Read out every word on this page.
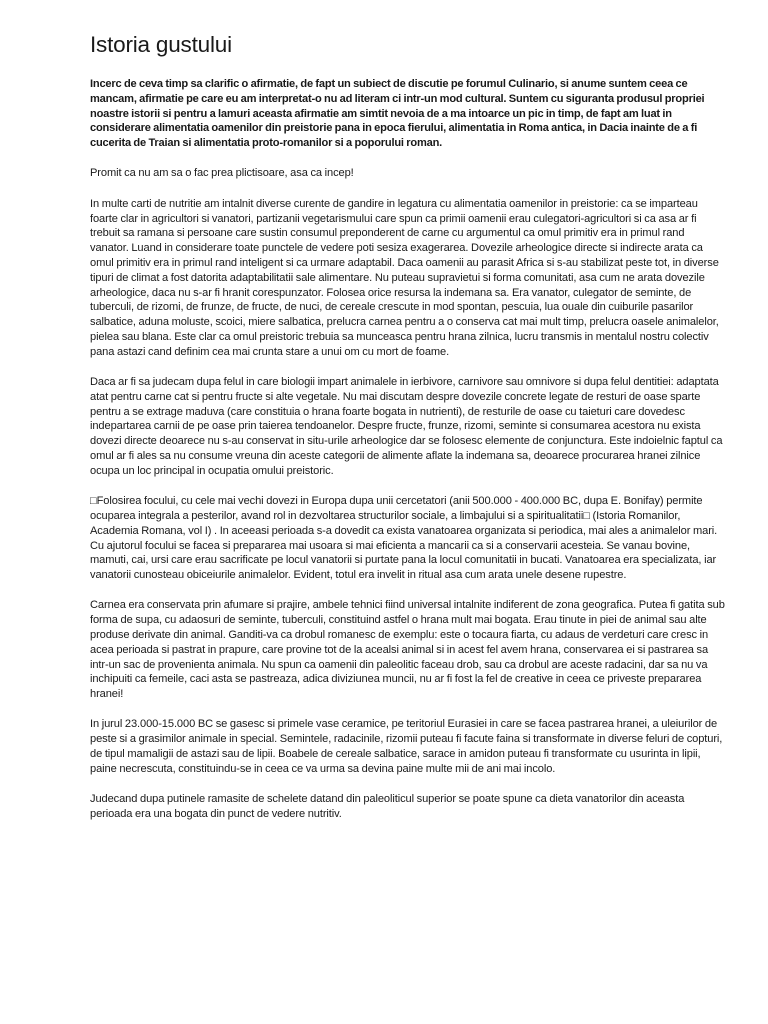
Istoria gustului

Incerc de ceva timp sa clarific o afirmatie, de fapt un subiect de discutie pe forumul Culinario, si anume suntem ceea ce mancam, afirmatie pe care eu am interpretat-o nu ad literam ci intr-un mod cultural. Suntem cu siguranta produsul propriei noastre istorii si pentru a lamuri aceasta afirmatie am simtit nevoia de a ma intoarce un pic in timp, de fapt am luat in considerare alimentatia oamenilor din preistorie pana in epoca fierului, alimentatia in Roma antica, in Dacia inainte de a fi cucerita de Traian si alimentatia proto-romanilor si a poporului roman.

Promit ca nu am sa o fac prea plictisoare, asa ca incep!

In multe carti de nutritie am intalnit diverse curente de gandire in legatura cu alimentatia oamenilor in preistorie: ca se imparteau foarte clar in agricultori si vanatori, partizanii vegetarismului care spun ca primii oamenii erau culegatori-agricultori si ca asa ar fi trebuit sa ramana si persoane care sustin consumul preponderent de carne cu argumentul ca omul primitiv era in primul rand vanator. Luand in considerare toate punctele de vedere poti sesiza exagerarea. Dovezile arheologice directe si indirecte arata ca omul primitiv era in primul rand inteligent si ca urmare adaptabil. Daca oamenii au parasit Africa si s-au stabilizat peste tot, in diverse tipuri de climat a fost datorita adaptabilitatii sale alimentare. Nu puteau supravietui si forma comunitati, asa cum ne arata dovezile arheologice, daca nu s-ar fi hranit corespunzator. Folosea orice resursa la indemana sa. Era vanator, culegator de seminte, de tuberculi, de rizomi, de frunze, de fructe, de nuci, de cereale crescute in mod spontan, pescuia, lua ouale din cuiburile pasarilor salbatice, aduna moluste, scoici, miere salbatica, prelucra carnea pentru a o conserva cat mai mult timp, prelucra oasele animalelor, pielea sau blana. Este clar ca omul preistoric trebuia sa munceasca pentru hrana zilnica, lucru transmis in mentalul nostru colectiv pana astazi cand definim cea mai crunta stare a unui om cu mort de foame.

Daca ar fi sa judecam dupa felul in care biologii impart animalele in ierbivore, carnivore sau omnivore si dupa felul dentitiei: adaptata atat pentru carne cat si pentru fructe si alte vegetale. Nu mai discutam despre dovezile concrete legate de resturi de oase sparte pentru a se extrage maduva (care constituia o hrana foarte bogata in nutrienti), de resturile de oase cu taieturi care dovedesc indepartarea carnii de pe oase prin taierea tendoanelor. Despre fructe, frunze, rizomi, seminte si consumarea acestora nu exista dovezi directe deoarece nu s-au conservat in situ-urile arheologice dar se folosesc elemente de conjunctura. Este indoielnic faptul ca omul ar fi ales sa nu consume vreuna din aceste categorii de alimente aflate la indemana sa, deoarece procurarea hranei zilnice ocupa un loc principal in ocupatia omului preistoric.

□Folosirea focului, cu cele mai vechi dovezi in Europa dupa unii cercetatori (anii 500.000 - 400.000 BC, dupa E. Bonifay) permite ocuparea integrala a pesterilor, avand rol in dezvoltarea structurilor sociale, a limbajului si a spiritualitatii□ (Istoria Romanilor, Academia Romana, vol I) . In aceeasi perioada s-a dovedit ca exista vanatoarea organizata si periodica, mai ales a animalelor mari. Cu ajutorul focului se facea si prepararea mai usoara si mai eficienta a mancarii ca si a conservarii acesteia. Se vanau bovine, mamuti, cai, ursi care erau sacrificate pe locul vanatorii si purtate pana la locul comunitatii in bucati. Vanatoarea era specializata, iar vanatorii cunosteau obiceiurile animalelor. Evident, totul era invelit in ritual asa cum arata unele desene rupestre.

Carnea era conservata prin afumare si prajire, ambele tehnici fiind universal intalnite indiferent de zona geografica. Putea fi gatita sub forma de supa, cu adaosuri de seminte, tuberculi, constituind astfel o hrana mult mai bogata. Erau tinute in piei de animal sau alte produse derivate din animal. Ganditi-va ca drobul romanesc de exemplu: este o tocaura fiarta, cu adaus de verdeturi care cresc in acea perioada si pastrat in prapure, care provine tot de la acealsi animal si in acest fel avem hrana, conservarea ei si pastrarea sa intr-un sac de provenienta animala. Nu spun ca oamenii din paleolitic faceau drob, sau ca drobul are aceste radacini, dar sa nu va inchipuiti ca femeile, caci asta se pastreaza, adica diviziunea muncii, nu ar fi fost la fel de creative in ceea ce priveste prepararea hranei!

In jurul 23.000-15.000 BC se gasesc si primele vase ceramice, pe teritoriul Eurasiei in care se facea pastrarea hranei, a uleiurilor de peste si a grasimilor animale in special. Semintele, radacinile, rizomii puteau fi facute faina si transformate in diverse feluri de copturi, de tipul mamaligii de astazi sau de lipii. Boabele de cereale salbatice, sarace in amidon puteau fi transformate cu usurinta in lipii, paine necrescuta, constituindu-se in ceea ce va urma sa devina paine multe mii de ani mai incolo.

Judecand dupa putinele ramasite de schelete datand din paleoliticul superior se poate spune ca dieta vanatorilor din aceasta perioada era una bogata din punct de vedere nutritiv.
